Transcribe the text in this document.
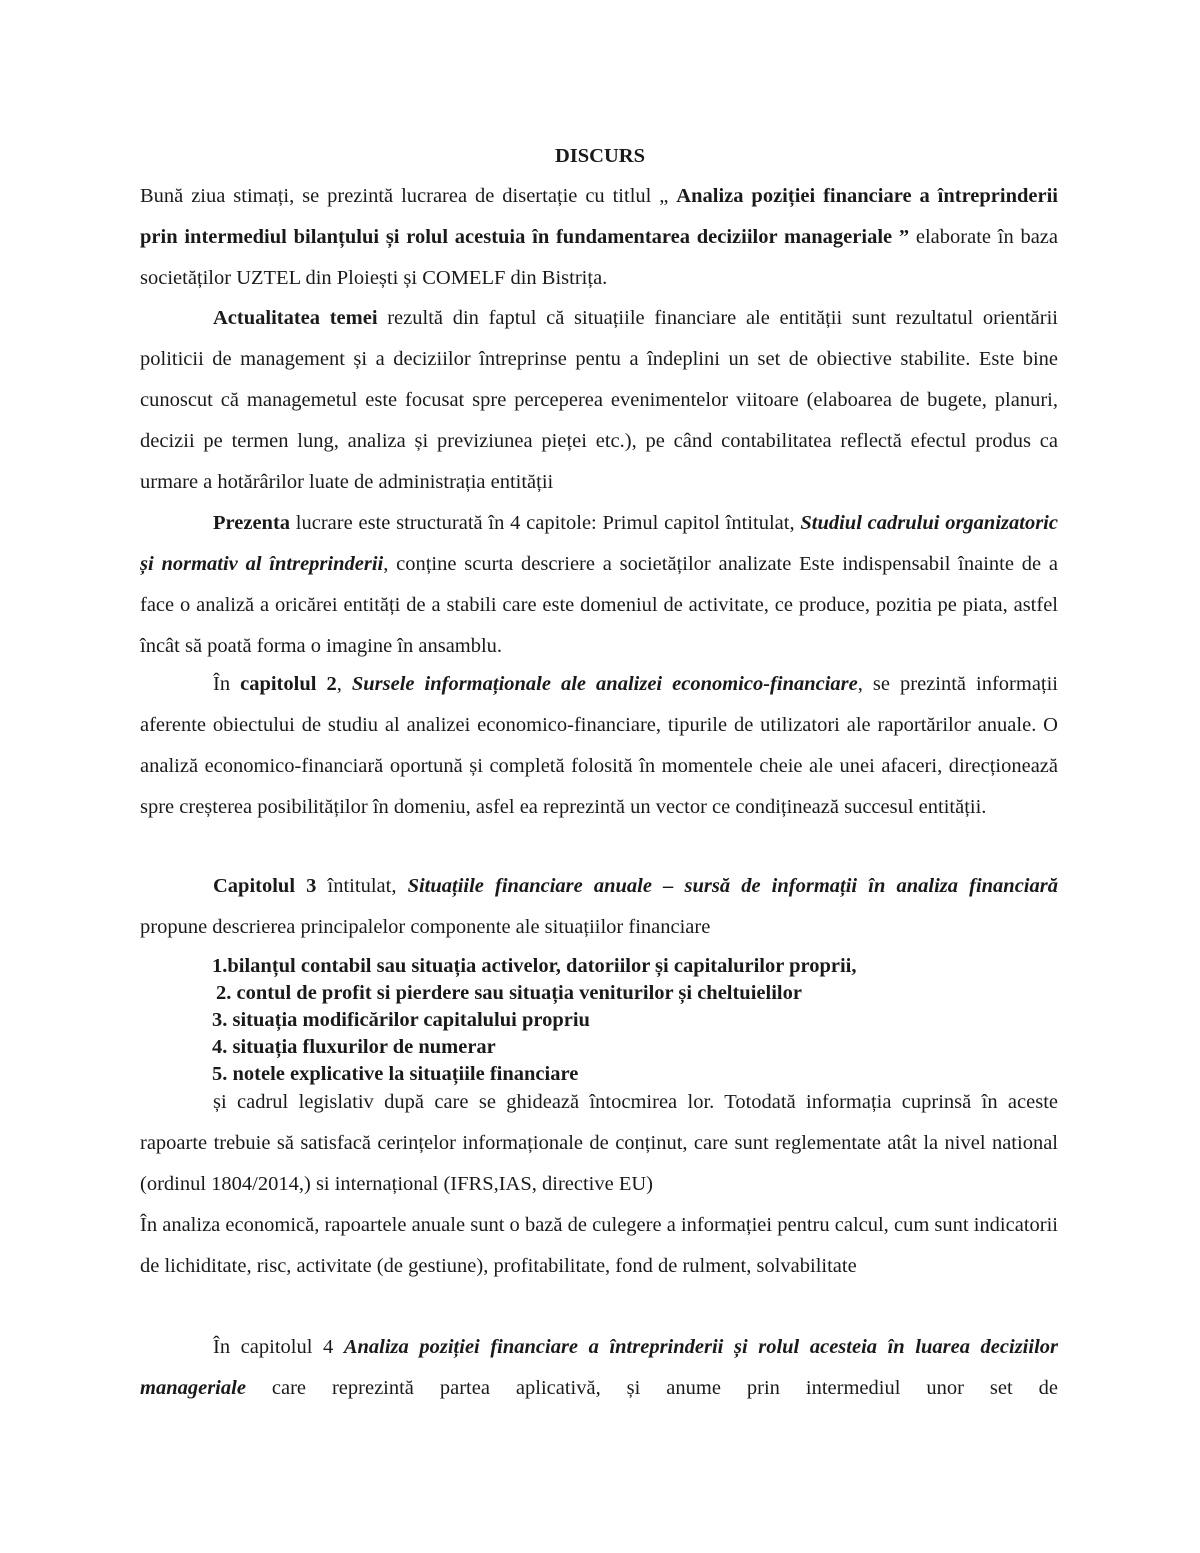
DISCURS
Bună ziua stimați, se prezintă lucrarea de disertație cu titlul „ Analiza poziției financiare a întreprinderii prin intermediul bilanțului și rolul acestuia în fundamentarea deciziilor manageriale ” elaborate în baza societăților UZTEL din Ploiești și COMELF din Bistrița.
Actualitatea temei rezultă din faptul că situațiile financiare ale entității sunt rezultatul orientării politicii de management și a deciziilor întreprinse pentu a îndeplini un set de obiective stabilite. Este bine cunoscut că managemetul este focusat spre perceperea evenimentelor viitoare (elaboarea de bugete, planuri, decizii pe termen lung, analiza și previziunea pieței etc.), pe când contabilitatea reflectă efectul produs ca urmare a hotărârilor luate de administrația entității
Prezenta lucrare este structurată în 4 capitole: Primul capitol întitulat, Studiul cadrului organizatoric și normativ al întreprinderii, conține scurta descriere a societăților analizate Este indispensabil înainte de a face o analiză a oricărei entități de a stabili care este domeniul de activitate, ce produce, pozitia pe piata, astfel încât să poată forma o imagine în ansamblu.
În capitolul 2, Sursele informaționale ale analizei economico-financiare, se prezintă informații aferente obiectului de studiu al analizei economico-financiare, tipurile de utilizatori ale raportărilor anuale. O analiză economico-financiară oportună și completă folosită în momentele cheie ale unei afaceri, direcționează spre creșterea posibilităților în domeniu, asfel ea reprezintă un vector ce condiținează succesul entității.
Capitolul 3 întitulat, Situațiile financiare anuale – sursă de informații în analiza financiară propune descrierea principalelor componente ale situațiilor financiare
1.bilanțul contabil sau situația activelor, datoriilor și capitalurilor proprii,
2. contul de profit si pierdere sau situația veniturilor și cheltuielilor
3. situația modificărilor capitalului propriu
4. situația fluxurilor de numerar
5. notele explicative la situațiile financiare
și cadrul legislativ după care se ghidează întocmirea lor. Totodată informația cuprinsă în aceste rapoarte trebuie să satisfacă cerințelor informaționale de conținut, care sunt reglementate atât la nivel national (ordinul 1804/2014,) si internațional (IFRS,IAS, directive EU)
În analiza economică, rapoartele anuale sunt o bază de culegere a informației pentru calcul, cum sunt indicatorii de lichiditate, risc, activitate (de gestiune), profitabilitate, fond de rulment, solvabilitate
În capitolul 4 Analiza poziției financiare a întreprinderii și rolul acesteia în luarea deciziilor manageriale care reprezintă partea aplicativă, și anume prin intermediul unor set de
